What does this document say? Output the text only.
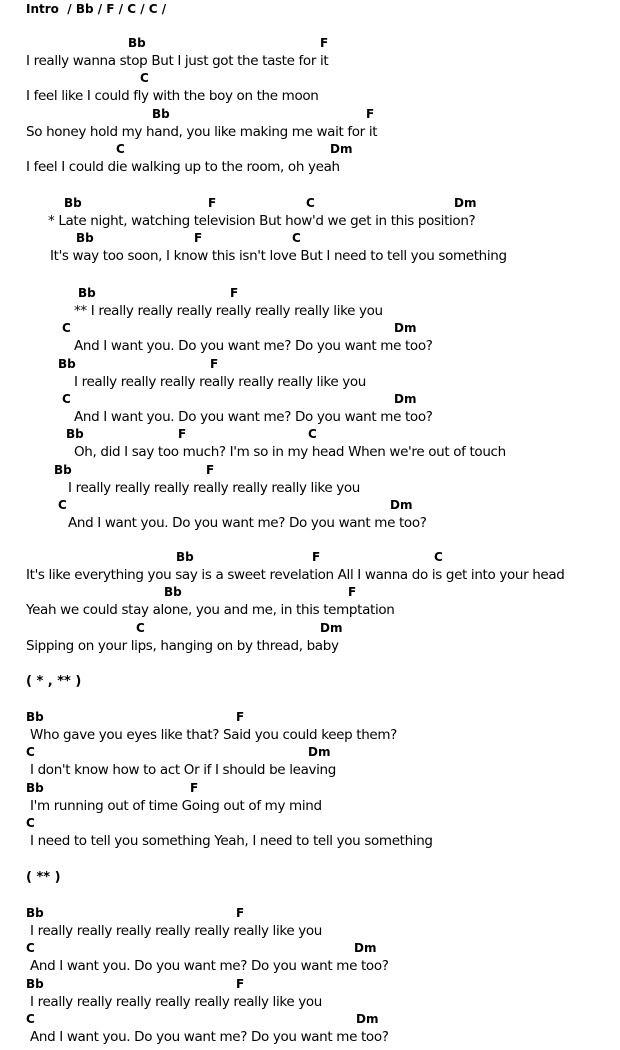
Intro  / Bb / F / C / C /
Bb	F
I really wanna stop But I just got the taste for it
C
I feel like I could fly with the boy on the moon
Bb	F
So honey hold my hand, you like making me wait for it
C	Dm
I feel I could die walking up to the room, oh yeah
Bb	F	C	Dm
* Late night, watching television But how'd we get in this position?
Bb	F	C
It's way too soon, I know this isn't love But I need to tell you something
Bb	F
** I really really really really really really like you
C	Dm
And I want you. Do you want me? Do you want me too?
Bb	F
I really really really really really really like you
C	Dm
And I want you. Do you want me? Do you want me too?
Bb	F	C
Oh, did I say too much? I'm so in my head When we're out of touch
Bb	F
I really really really really really really like you
C	Dm
And I want you. Do you want me? Do you want me too?
Bb	F	C
It's like everything you say is a sweet revelation All I wanna do is get into your head
Bb	F
Yeah we could stay alone, you and me, in this temptation
C	Dm
Sipping on your lips, hanging on by thread, baby
( * , ** )
Bb	F
Who gave you eyes like that? Said you could keep them?
C	Dm
I don't know how to act Or if I should be leaving
Bb	F
I'm running out of time Going out of my mind
C
I need to tell you something Yeah, I need to tell you something
( ** )
Bb	F
I really really really really really really like you
C	Dm
And I want you. Do you want me? Do you want me too?
Bb	F
I really really really really really really like you
C	Dm
And I want you. Do you want me? Do you want me too?
